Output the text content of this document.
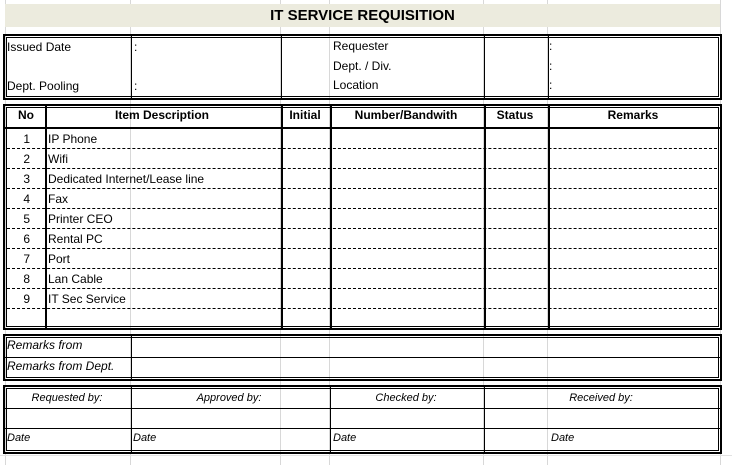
IT SERVICE REQUISITION
Issued Date	:
Dept. Pooling	:
Requester	:
Dept. / Div.	:
Location	:
No	Item Description	Initial	Number/Bandwith	Status	Remarks
1 IP Phone
2 Wifi
3 Dedicated Internet/Lease line
4 Fax
5 Printer CEO
6 Rental PC
7 Port
8 Lan Cable
9 IT Sec Service
Remarks from
Remarks from Dept.
Requested by:	Approved by:	Checked by:	Received by:
Date	Date	Date	Date
